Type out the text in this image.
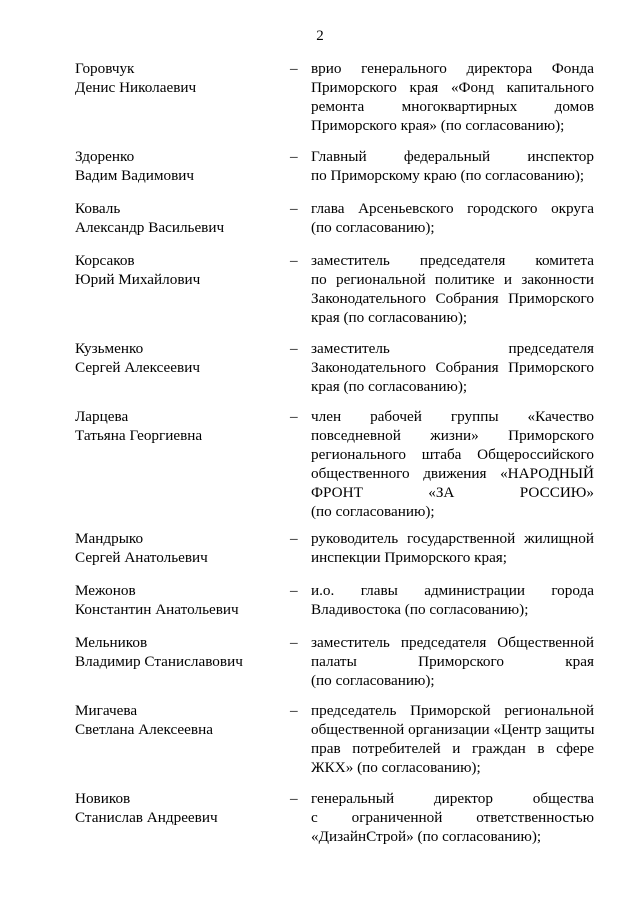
2
Горовчук
Денис Николаевич
– врио генерального директора Фонда
Приморского края «Фонд капитального
ремонта многоквартирных домов
Приморского края» (по согласованию);
Здоренко
Вадим Вадимович
– Главный федеральный инспектор
по Приморскому краю (по согласованию);
Коваль
Александр Васильевич
– глава Арсеньевского городского округа
(по согласованию);
Корсаков
Юрий Михайлович
– заместитель председателя комитета
по региональной политике и законности
Законодательного Собрания Приморского
края (по согласованию);
Кузьменко
Сергей Алексеевич
– заместитель председателя
Законодательного Собрания Приморского
края (по согласованию);
Ларцева
Татьяна Георгиевна
– член рабочей группы «Качество
повседневной жизни» Приморского
регионального штаба Общероссийского
общественного движения «НАРОДНЫЙ
ФРОНТ «ЗА РОССИЮ»
(по согласованию);
Мандрыко
Сергей Анатольевич
– руководитель государственной жилищной
инспекции Приморского края;
Межонов
Константин Анатольевич
– и.о. главы администрации города
Владивостока (по согласованию);
Мельников
Владимир Станиславович
– заместитель председателя Общественной
палаты Приморского края
(по согласованию);
Мигачева
Светлана Алексеевна
– председатель Приморской региональной
общественной организации «Центр защиты
прав потребителей и граждан в сфере
ЖКХ» (по согласованию);
Новиков
Станислав Андреевич
– генеральный директор общества
с ограниченной ответственностью
«ДизайнСтрой» (по согласованию);
